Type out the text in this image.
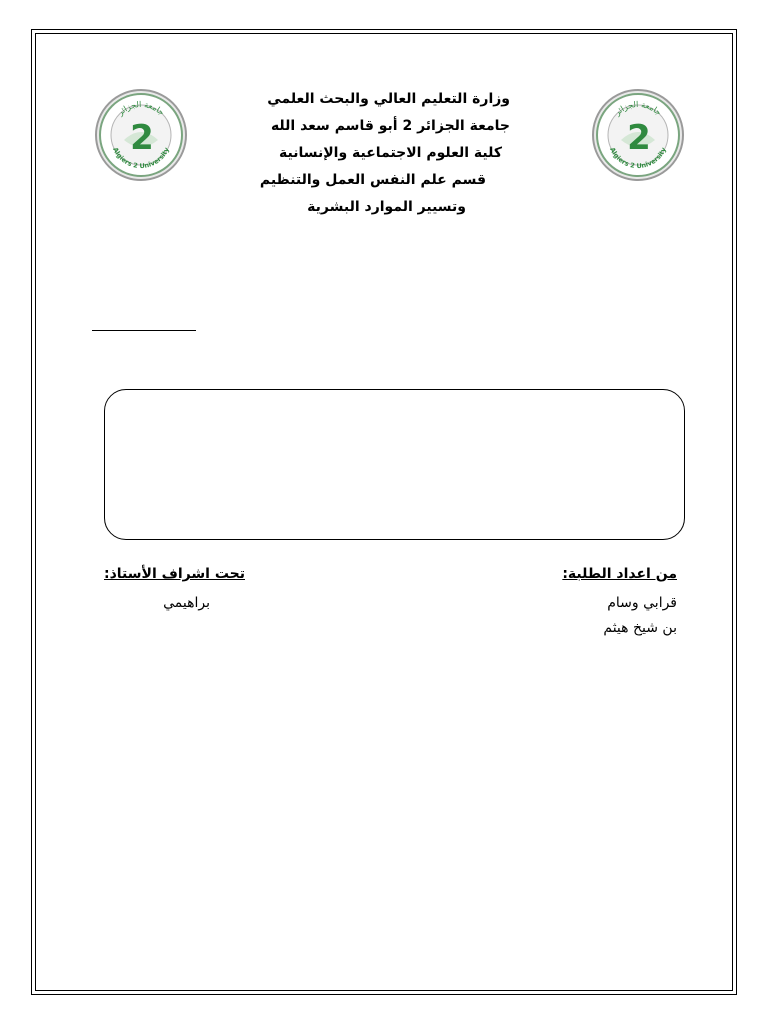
جامعة الجزائر
Algiers 2 University
2
جامعة الجزائر
Algiers 2 University
2
وزارة التعليم العالي والبحث العلمي
جامعة الجزائر 2 أبو قاسم سعد الله
كلية العلوم الاجتماعية والإنسانية
قسم علم النفس العمل والتنظيم
وتسيير الموارد البشرية
من اعداد الطلبة:
قرابي وسام
بن شيخ هيثم
تحت اشراف الأستاذ:
براهيمي
